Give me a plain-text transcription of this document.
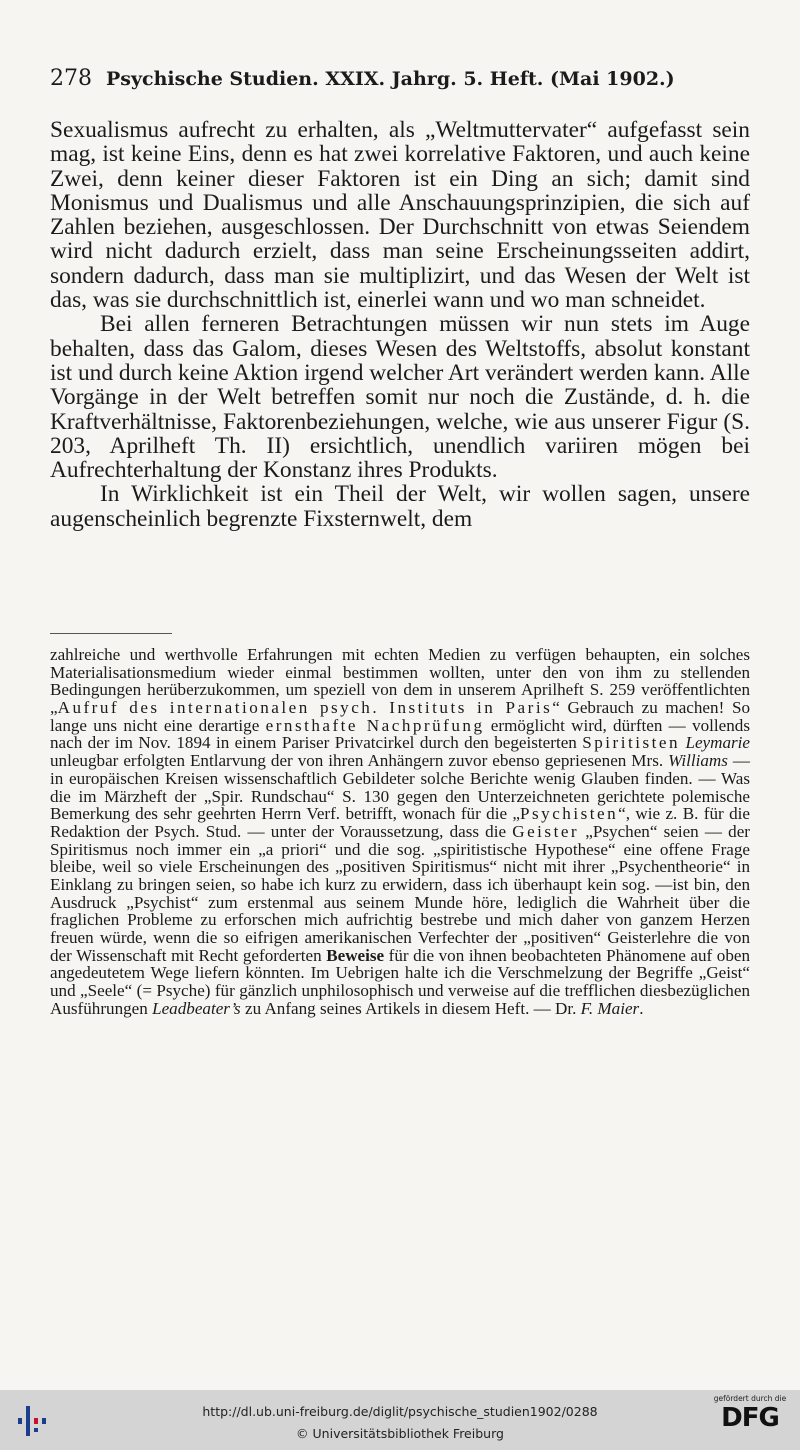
278 Psychische Studien. XXIX. Jahrg. 5. Heft. (Mai 1902.)

Sexualismus aufrecht zu erhalten, als „Weltmuttervater“ aufgefasst sein mag, ist keine Eins, denn es hat zwei korrelative Faktoren, und auch keine Zwei, denn keiner dieser Faktoren ist ein Ding an sich; damit sind Monismus und Dualismus und alle Anschauungsprinzipien, die sich auf Zahlen beziehen, ausgeschlossen. Der Durchschnitt von etwas Seiendem wird nicht dadurch erzielt, dass man seine Erscheinungsseiten addirt, sondern dadurch, dass man sie multiplizirt, und das Wesen der Welt ist das, was sie durchschnittlich ist, einerlei wann und wo man schneidet.

Bei allen ferneren Betrachtungen müssen wir nun stets im Auge behalten, dass das Galom, dieses Wesen des Weltstoffs, absolut konstant ist und durch keine Aktion irgend welcher Art verändert werden kann. Alle Vorgänge in der Welt betreffen somit nur noch die Zustände, d. h. die Kraftverhältnisse, Faktorenbeziehungen, welche, wie aus unserer Figur (S. 203, Aprilheft Th. II) ersichtlich, unendlich variiren mögen bei Aufrechterhaltung der Konstanz ihres Produkts.

In Wirklichkeit ist ein Theil der Welt, wir wollen sagen, unsere augenscheinlich begrenzte Fixsternwelt, dem

zahlreiche und werthvolle Erfahrungen mit echten Medien zu verfügen behaupten, ein solches Materialisationsmedium wieder einmal bestimmen wollten, unter den von ihm zu stellenden Bedingungen herüberzukommen, um speziell von dem in unserem Aprilheft S. 259 veröffentlichten „Aufruf des internationalen psych. Instituts in Paris“ Gebrauch zu machen! So lange uns nicht eine derartige ernsthafte Nachprüfung ermöglicht wird, dürften — vollends nach der im Nov. 1894 in einem Pariser Privatcirkel durch den begeisterten Spiritisten Leymarie unleugbar erfolgten Entlarvung der von ihren Anhängern zuvor ebenso gepriesenen Mrs. Williams — in europäischen Kreisen wissenschaftlich Gebildeter solche Berichte wenig Glauben finden. — Was die im Märzheft der „Spir. Rundschau“ S. 130 gegen den Unterzeichneten gerichtete polemische Bemerkung des sehr geehrten Herrn Verf. betrifft, wonach für die „Psychisten“, wie z. B. für die Redaktion der Psych. Stud. — unter der Voraussetzung, dass die Geister „Psychen“ seien — der Spiritismus noch immer ein „a priori“ und die sog. „spiritistische Hypothese“ eine offene Frage bleibe, weil so viele Erscheinungen des „positiven Spiritismus“ nicht mit ihrer „Psychentheorie“ in Einklang zu bringen seien, so habe ich kurz zu erwidern, dass ich überhaupt kein sog. —ist bin, den Ausdruck „Psychist“ zum erstenmal aus seinem Munde höre, lediglich die Wahrheit über die fraglichen Probleme zu erforschen mich aufrichtig bestrebe und mich daher von ganzem Herzen freuen würde, wenn die so eifrigen amerikanischen Verfechter der „positiven“ Geisterlehre die von der Wissenschaft mit Recht geforderten Beweise für die von ihnen beobachteten Phänomene auf oben angedeutetem Wege liefern könnten. Im Uebrigen halte ich die Verschmelzung der Begriffe „Geist“ und „Seele“ (= Psyche) für gänzlich unphilosophisch und verweise auf die trefflichen diesbezüglichen Ausführungen Leadbeater’s zu Anfang seines Artikels in diesem Heft. — Dr. F. Maier.

http://dl.ub.uni-freiburg.de/diglit/psychische_studien1902/0288
© Universitätsbibliothek Freiburg
gefördert durch die
DFG
